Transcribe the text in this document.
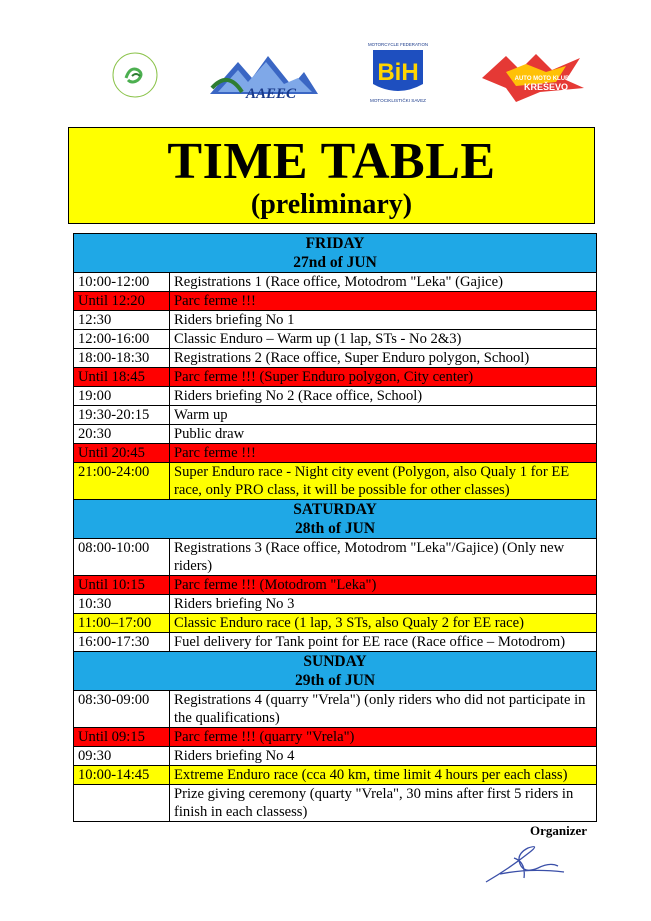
AAEEC
MOTORCYCLE FEDERATION
BiH
MOTOCIKLISTIČKI SAVEZ
AUTO MOTO KLUB
KREŠEVO
TIME TABLE
(preliminary)
FRIDAY
27nd of JUN	

10:00-12:00	Registrations 1 (Race office, Motodrom "Leka" (Gajice)
Until 12:20	Parc ferme !!!
12:30	Riders briefing No 1
12:00-16:00	Classic Enduro – Warm up (1 lap, STs - No 2&3)
18:00-18:30	Registrations 2 (Race office, Super Enduro polygon, School)
Until 18:45	Parc ferme !!! (Super Enduro polygon, City center)
19:00	Riders briefing No 2 (Race office, School)
19:30-20:15	Warm up
20:30	Public draw
Until 20:45	Parc ferme !!!
21:00-24:00	Super Enduro race - Night city event (Polygon, also Qualy 1 for EE race, only PRO class, it will be possible for other classes)

SATURDAY
28th of JUN	

08:00-10:00	Registrations 3 (Race office, Motodrom "Leka"/Gajice) (Only new riders)
Until 10:15	Parc ferme !!! (Motodrom "Leka")
10:30	Riders briefing No 3
11:00–17:00	Classic Enduro race (1 lap, 3 STs, also Qualy 2 for EE race)
16:00-17:30	Fuel delivery for Tank point for EE race (Race office – Motodrom)

SUNDAY
29th of JUN	

08:30-09:00	Registrations 4 (quarry "Vrela") (only riders who did not participate in the qualifications)
Until 09:15	Parc ferme !!! (quarry "Vrela")
09:30	Riders briefing No 4
10:00-14:45	Extreme Enduro race (cca 40 km, time limit 4 hours per each class)
	Prize giving ceremony (quarty "Vrela", 30 mins after first 5 riders in finish in each classess)
Organizer
